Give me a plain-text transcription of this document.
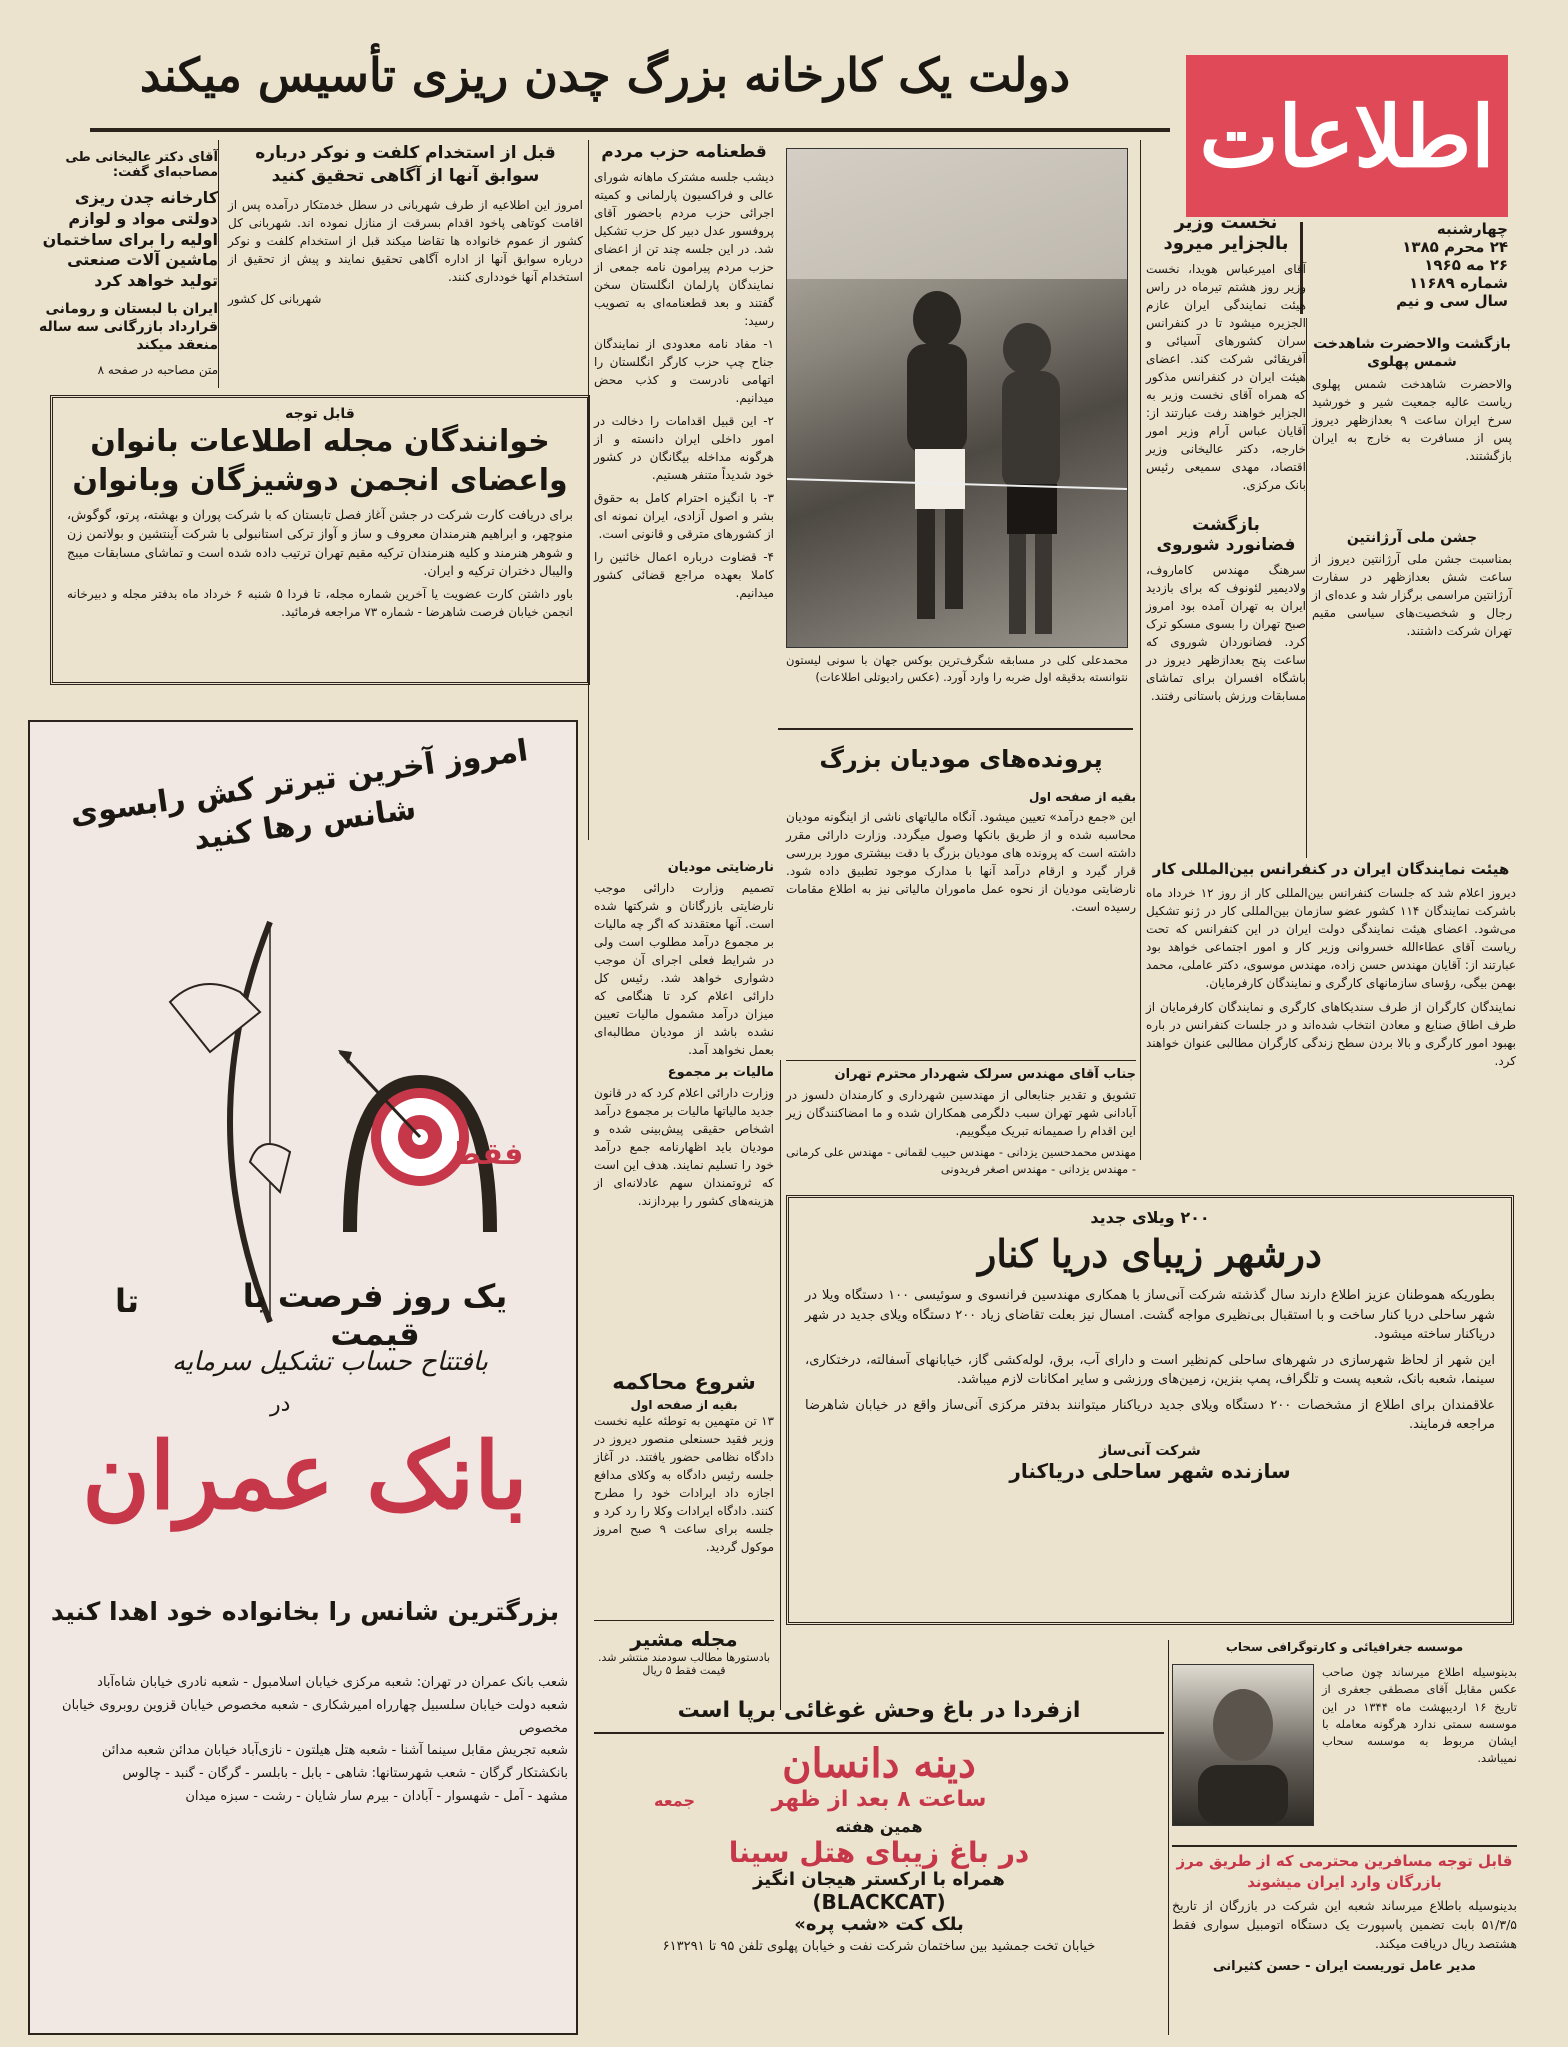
اطلاعات
چهارشنبه
۲۴ محرم ۱۳۸۵
۲۶ مه ۱۹۶۵
شماره ۱۱۶۸۹
سال سی و نیم
دولت یک کارخانه بزرگ چدن ریزی تأسیس میکند
آقای دکتر عالیخانی طی مصاحبه‌ای گفت:
کارخانه چدن ریزی دولتی مواد و لوازم اولیه را برای ساختمان ماشین آلات صنعتی تولید خواهد کرد
ایران با لبستان و رومانی قرارداد بازرگانی سه ساله منعقد میکند
متن مصاحبه در صفحه ۸
قبل از استخدام کلفت و نوکر درباره سوابق آنها از آگاهی تحقیق کنید
امروز این اطلاعیه از طرف شهربانی در سطل خدمتکار درآمده پس از اقامت کوتاهی پاخود اقدام بسرقت از منازل نموده اند. شهربانی کل کشور از عموم خانواده ها تقاضا میکند قبل از استخدام کلفت و نوکر درباره سوابق آنها از اداره آگاهی تحقیق نمایند و پیش از تحقیق از استخدام آنها خودداری کنند.
شهربانی کل کشور
قابل توجه
خوانندگان مجله اطلاعات بانوان
واعضای انجمن دوشیزگان وبانوان
برای دریافت کارت شرکت در جشن آغاز فصل تابستان که با شرکت پوران و بهشته، پرتو، گوگوش، منوچهر، و ابراهیم هنرمندان معروف و ساز و آواز ترکی استانبولی با شرکت آینتشین و بولاتمن زن و شوهر هنرمند و کلیه هنرمندان ترکیه مقیم تهران ترتیب داده شده است و تماشای مسابقات میبج والیبال دختران ترکیه و ایران.
باور داشتن کارت عضویت یا آخرین شماره مجله، تا فردا ۵ شنبه ۶ خرداد ماه بدفتر مجله و دبیرخانه انجمن خیابان فرصت شاهرضا - شماره ۷۳ مراجعه فرمائید.
قطعنامه حزب مردم
دیشب جلسه مشترک ماهانه شورای عالی و فراکسیون پارلمانی و کمیته اجرائی حزب مردم باحضور آقای پروفسور عدل دبیر کل حزب تشکیل شد. در این جلسه چند تن از اعضای حزب مردم پیرامون نامه جمعی از نمایندگان پارلمان انگلستان سخن گفتند و بعد قطعنامه‌ای به تصویب رسید:
۱- مفاد نامه معدودی از نمایندگان جناح چپ حزب کارگر انگلستان را اتهامی نادرست و کذب محض میدانیم.
۲- این قبیل اقدامات را دخالت در امور داخلی ایران دانسته و از هرگونه مداخله بیگانگان در کشور خود شدیداً متنفر هستیم.
۳- با انگیزه احترام کامل به حقوق بشر و اصول آزادی، ایران نمونه ای از کشورهای مترقی و قانونی است.
۴- قضاوت درباره اعمال خائنین را کاملا بعهده مراجع قضائی کشور میدانیم.
محمدعلی کلی در مسابقه شگرف‌ترین بوکس جهان با سونی لیستون نتوانسته بدقیقه اول ضربه را وارد آورد. (عکس رادیوتلی اطلاعات)
نخست وزیر
بالجزایر میرود
آقای امیرعباس هویدا، نخست وزیر روز هشتم تیرماه در راس هیئت نمایندگی ایران عازم الجزیره میشود تا در کنفرانس سران کشورهای آسیائی و آفریقائی شرکت کند. اعضای هیئت ایران در کنفرانس مذکور که همراه آقای نخست وزیر به الجزایر خواهند رفت عبارتند از: آقایان عباس آرام وزیر امور خارجه، دکتر عالیخانی وزیر اقتصاد، مهدی سمیعی رئیس بانک مرکزی.
بازگشت
فضانورد شوروی
سرهنگ مهندس کاماروف، ولادیمیر لئونوف که برای بازدید ایران به تهران آمده بود امروز صبح تهران را بسوی مسکو ترک کرد. فضانوردان شوروی که ساعت پنج بعدازظهر دیروز در باشگاه افسران برای تماشای مسابقات ورزش باستانی رفتند.
بازگشت والاحضرت شاهدخت شمس پهلوی
والاحضرت شاهدخت شمس پهلوی ریاست عالیه جمعیت شیر و خورشید سرخ ایران ساعت ۹ بعدازظهر دیروز پس از مسافرت به خارج به ایران بازگشتند.
جشن ملی آرژانتین
بمناسبت جشن ملی آرژانتین دیروز از ساعت شش بعدازظهر در سفارت آرژانتین مراسمی برگزار شد و عده‌ای از رجال و شخصیت‌های سیاسی مقیم تهران شرکت داشتند.
هیئت نمایندگان ایران در کنفرانس بین‌المللی کار
دیروز اعلام شد که جلسات کنفرانس بین‌المللی کار از روز ۱۲ خرداد ماه باشرکت نمایندگان ۱۱۴ کشور عضو سازمان بین‌المللی کار در ژنو تشکیل می‌شود. اعضای هیئت نمایندگی دولت ایران در این کنفرانس که تحت ریاست آقای عطاءالله خسروانی وزیر کار و امور اجتماعی خواهد بود عبارتند از: آقایان مهندس حسن زاده، مهندس موسوی، دکتر عاملی، محمد بهمن بیگی، رؤسای سازمانهای کارگری و نمایندگان کارفرمایان.
نمایندگان کارگران از طرف سندیکاهای کارگری و نمایندگان کارفرمایان از طرف اطاق صنایع و معادن انتخاب شده‌اند و در جلسات کنفرانس در باره بهبود امور کارگری و بالا بردن سطح زندگی کارگران مطالبی عنوان خواهند کرد.
پرونده‌های مودیان بزرگ
بقیه از صفحه اول
این «جمع درآمد» تعیین میشود. آنگاه مالیاتهای ناشی از اینگونه مودیان محاسبه شده و از طریق بانکها وصول میگردد. وزارت دارائی مقرر داشته است که پرونده های مودیان بزرگ با دقت بیشتری مورد بررسی قرار گیرد و ارقام درآمد آنها با مدارک موجود تطبیق داده شود. نارضایتی مودیان از نحوه عمل ماموران مالیاتی نیز به اطلاع مقامات رسیده است.
نارضایتی مودیان
تصمیم وزارت دارائی موجب نارضایتی بازرگانان و شرکتها شده است. آنها معتقدند که اگر چه مالیات بر مجموع درآمد مطلوب است ولی در شرایط فعلی اجرای آن موجب دشواری خواهد شد. رئیس کل دارائی اعلام کرد تا هنگامی که میزان درآمد مشمول مالیات تعیین نشده باشد از مودیان مطالبه‌ای بعمل نخواهد آمد.
مالیات بر مجموع
وزارت دارائی اعلام کرد که در قانون جدید مالیاتها مالیات بر مجموع درآمد اشخاص حقیقی پیش‌بینی شده و مودیان باید اظهارنامه جمع درآمد خود را تسلیم نمایند. هدف این است که ثروتمندان سهم عادلانه‌ای از هزینه‌های کشور را بپردازند.
جناب آقای مهندس سرلک شهردار محترم تهران
تشویق و تقدیر جنابعالی از مهندسین شهرداری و کارمندان دلسوز در آبادانی شهر تهران سبب دلگرمی همکاران شده و ما امضاکنندگان زیر این اقدام را صمیمانه تبریک میگوییم.
مهندس محمدحسین یزدانی - مهندس حبیب لقمانی - مهندس علی کرمانی - مهندس یزدانی - مهندس اصغر فریدونی
۲۰۰ ویلای جدید
درشهر زیبای دریا کنار
بطوریکه هموطنان عزیز اطلاع دارند سال گذشته شرکت آنی‌ساز با همکاری مهندسین فرانسوی و سوئیسی ۱۰۰ دستگاه ویلا در شهر ساحلی دریا کنار ساخت و با استقبال بی‌نظیری مواجه گشت. امسال نیز بعلت تقاضای زیاد ۲۰۰ دستگاه ویلای جدید در شهر دریاکنار ساخته میشود.
این شهر از لحاظ شهرسازی در شهرهای ساحلی کم‌نظیر است و دارای آب، برق، لوله‌کشی گاز، خیابانهای آسفالته، درختکاری، سینما، شعبه بانک، شعبه پست و تلگراف، پمپ بنزین، زمین‌های ورزشی و سایر امکانات لازم میباشد.
علاقمندان برای اطلاع از مشخصات ۲۰۰ دستگاه ویلای جدید دریاکنار میتوانند بدفتر مرکزی آنی‌ساز واقع در خیابان شاهرضا مراجعه فرمایند.
شرکت آنی‌ساز
سازنده شهر ساحلی دریاکنار
شروع محاکمه
بقیه از صفحه اول
۱۳ تن متهمین به توطئه علیه نخست وزیر فقید حسنعلی منصور دیروز در دادگاه نظامی حضور یافتند. در آغاز جلسه رئیس دادگاه به وکلای مدافع اجازه داد ایرادات خود را مطرح کنند. دادگاه ایرادات وکلا را رد کرد و جلسه برای ساعت ۹ صبح امروز موکول گردید.
مجله مشیر
بادستورها مطالب سودمند منتشر شد. قیمت فقط ۵ ریال
امروز آخرین تیرتر کش رابسوی شانس رها کنید
فقط
یک روز فرصت با قیمت
تا
بافتتاح حساب تشکیل سرمایه
در
بانک عمران
بزرگترین شانس را بخانواده خود اهدا کنید
شعب بانک عمران در تهران: شعبه مرکزی خیابان اسلامبول - شعبه نادری خیابان شاه‌آباد
شعبه دولت خیابان سلسبیل چهارراه امیرشکاری - شعبه مخصوص خیابان قزوین روبروی خیابان مخصوص
شعبه تجریش مقابل سینما آشنا - شعبه هتل هیلتون - نازی‌آباد خیابان مدائن شعبه مدائن
بانکشتکار گرگان - شعب شهرستانها: شاهی - بابل - بابلسر - گرگان - گنبد - چالوس
مشهد - آمل - شهسوار - آبادان - بیرم‌ سار شایان - رشت - سبزه میدان
ازفردا در باغ وحش غوغائی برپا است
دینه‌ دانسان
ساعت ۸ بعد از ظهر
جمعه
همین هفته
در باغ زیبای هتل سینا
همراه با ارکستر هیجان انگیز
(BLACKCAT)
بلک کت «شب پره»
خیابان تخت جمشید بین ساختمان شرکت نفت و خیابان پهلوی تلفن ۹۵ تا ۶۱۳۲۹۱
موسسه جغرافیائی و کارتوگرافی سحاب
بدینوسیله اطلاع میرساند چون صاحب عکس مقابل آقای مصطفی جعفری از تاریخ ۱۶ اردیبهشت ماه ۱۳۴۴ در این موسسه سمتی ندارد هرگونه معامله با ایشان مربوط به موسسه سحاب نمیباشد.
قابل توجه مسافرین محترمی که از طریق مرز بازرگان وارد ایران میشوند
بدینوسیله باطلاع میرساند شعبه این شرکت در بازرگان از تاریخ ۵۱/۳/۵ بابت تضمین پاسپورت یک دستگاه اتومبیل سواری فقط هشتصد ریال دریافت میکند.
مدیر عامل توریست ایران - حسن کثیرانی
